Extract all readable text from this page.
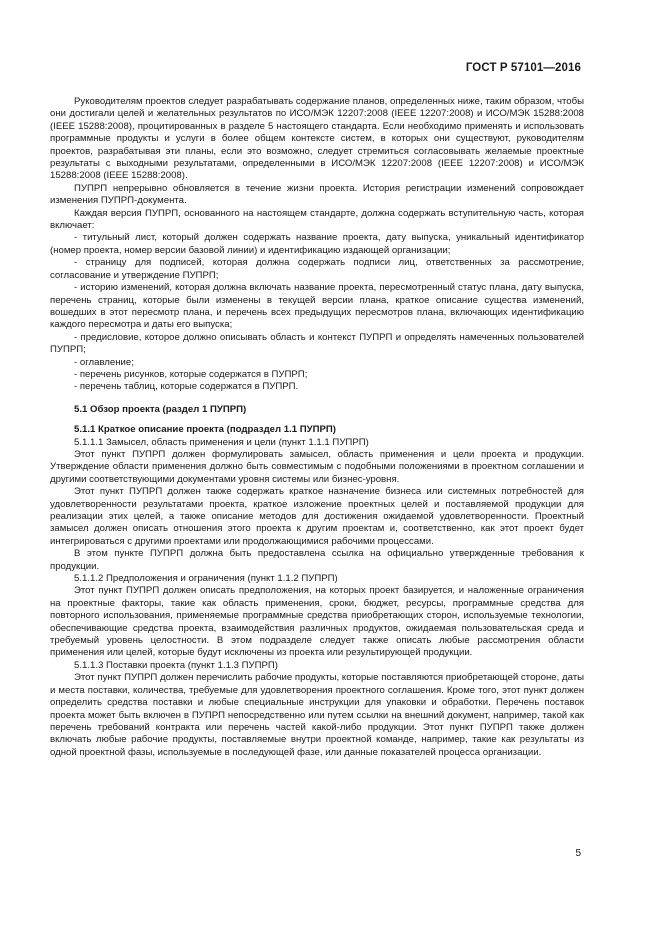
ГОСТ Р 57101—2016

Руководителям проектов следует разрабатывать содержание планов, определенных ниже, таким образом, чтобы они достигали целей и желательных результатов по ИСО/МЭК 12207:2008 (IEEE 12207:2008) и ИСО/МЭК 15288:2008 (IEEE 15288:2008), процитированных в разделе 5 настоящего стандарта. Если необходимо применять и использовать программные продукты и услуги в более общем контексте систем, в которых они существуют, руководителям проектов, разрабатывая эти планы, если это возможно, следует стремиться согласовывать желаемые проектные результаты с выходными результатами, определенными в ИСО/МЭК 12207:2008 (IEEE 12207:2008) и ИСО/МЭК 15288:2008 (IEEE 15288:2008).

ПУПРП непрерывно обновляется в течение жизни проекта. История регистрации изменений сопровождает изменения ПУПРП-документа.

Каждая версия ПУПРП, основанного на настоящем стандарте, должна содержать вступительную часть, которая включает:

- титульный лист, который должен содержать название проекта, дату выпуска, уникальный идентификатор (номер проекта, номер версии базовой линии) и идентификацию издающей организации;

- страницу для подписей, которая должна содержать подписи лиц, ответственных за рассмотрение, согласование и утверждение ПУПРП;

- историю изменений, которая должна включать название проекта, пересмотренный статус плана, дату выпуска, перечень страниц, которые были изменены в текущей версии плана, краткое описание существа изменений, вошедших в этот пересмотр плана, и перечень всех предыдущих пересмотров плана, включающих идентификацию каждого пересмотра и даты его выпуска;

- предисловие, которое должно описывать область и контекст ПУПРП и определять намеченных пользователей ПУПРП;

- оглавление;

- перечень рисунков, которые содержатся в ПУПРП;

- перечень таблиц, которые содержатся в ПУПРП.

5.1 Обзор проекта (раздел 1 ПУПРП)

5.1.1 Краткое описание проекта (подраздел 1.1 ПУПРП)

5.1.1.1 Замысел, область применения и цели (пункт 1.1.1 ПУПРП)

Этот пункт ПУПРП должен формулировать замысел, область применения и цели проекта и продукции. Утверждение области применения должно быть совместимым с подобными положениями в проектном соглашении и другими соответствующими документами уровня системы или бизнес-уровня.

Этот пункт ПУПРП должен также содержать краткое назначение бизнеса или системных потребностей для удовлетворенности результатами проекта, краткое изложение проектных целей и поставляемой продукции для реализации этих целей, а также описание методов для достижения ожидаемой удовлетворенности. Проектный замысел должен описать отношения этого проекта к другим проектам и, соответственно, как этот проект будет интегрироваться с другими проектами или продолжающимися рабочими процессами.

В этом пункте ПУПРП должна быть предоставлена ссылка на официально утвержденные требования к продукции.

5.1.1.2 Предположения и ограничения (пункт 1.1.2 ПУПРП)

Этот пункт ПУПРП должен описать предположения, на которых проект базируется, и наложенные ограничения на проектные факторы, такие как область применения, сроки, бюджет, ресурсы, программные средства для повторного использования, применяемые программные средства приобретающих сторон, используемые технологии, обеспечивающие средства проекта, взаимодействия различных продуктов, ожидаемая пользовательская среда и требуемый уровень целостности. В этом подразделе следует также описать любые рассмотрения области применения или целей, которые будут исключены из проекта или результирующей продукции.

5.1.1.3 Поставки проекта (пункт 1.1.3 ПУПРП)

Этот пункт ПУПРП должен перечислить рабочие продукты, которые поставляются приобретающей стороне, даты и места поставки, количества, требуемые для удовлетворения проектного соглашения. Кроме того, этот пункт должен определить средства поставки и любые специальные инструкции для упаковки и обработки. Перечень поставок проекта может быть включен в ПУПРП непосредственно или путем ссылки на внешний документ, например, такой как перечень требований контракта или перечень частей какой-либо продукции. Этот пункт ПУПРП также должен включать любые рабочие продукты, поставляемые внутри проектной команде, например, такие как результаты из одной проектной фазы, используемые в последующей фазе, или данные показателей процесса организации.

5
